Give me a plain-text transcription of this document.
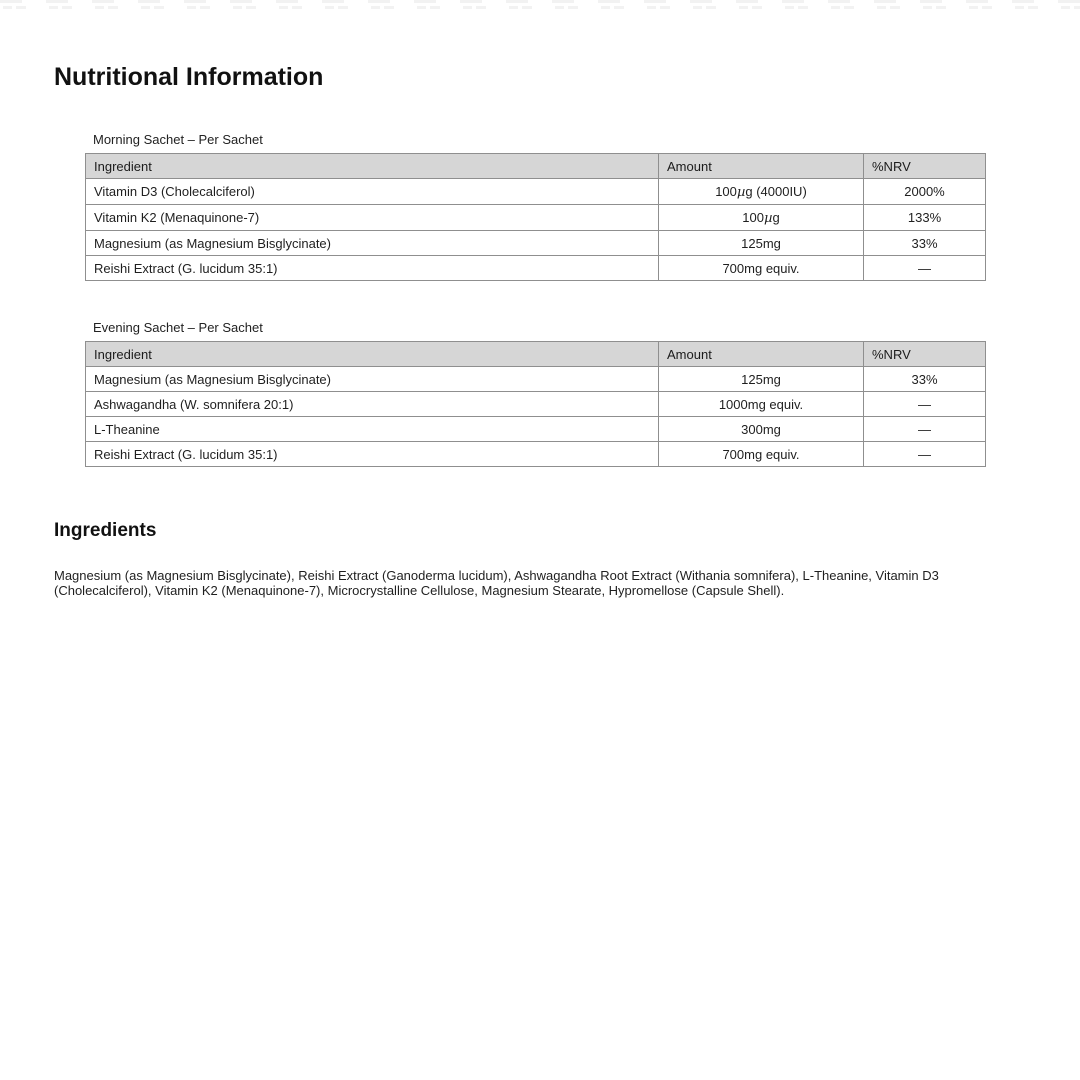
Nutritional Information
Morning Sachet – Per Sachet
Ingredient	Amount	%NRV
Vitamin D3 (Cholecalciferol)	100µg (4000IU)	2000%
Vitamin K2 (Menaquinone-7)	100µg	133%
Magnesium (as Magnesium Bisglycinate)	125mg	33%
Reishi Extract (G. lucidum 35:1)	700mg equiv.	—
Evening Sachet – Per Sachet
Ingredient	Amount	%NRV
Magnesium (as Magnesium Bisglycinate)	125mg	33%
Ashwagandha (W. somnifera 20:1)	1000mg equiv.	—
L-Theanine	300mg	—
Reishi Extract (G. lucidum 35:1)	700mg equiv.	—
Ingredients

Magnesium (as Magnesium Bisglycinate), Reishi Extract (Ganoderma lucidum), Ashwagandha Root Extract (Withania somnifera), L-Theanine, Vitamin D3 (Cholecalciferol), Vitamin K2 (Menaquinone-7), Microcrystalline Cellulose, Magnesium Stearate, Hypromellose (Capsule Shell).
